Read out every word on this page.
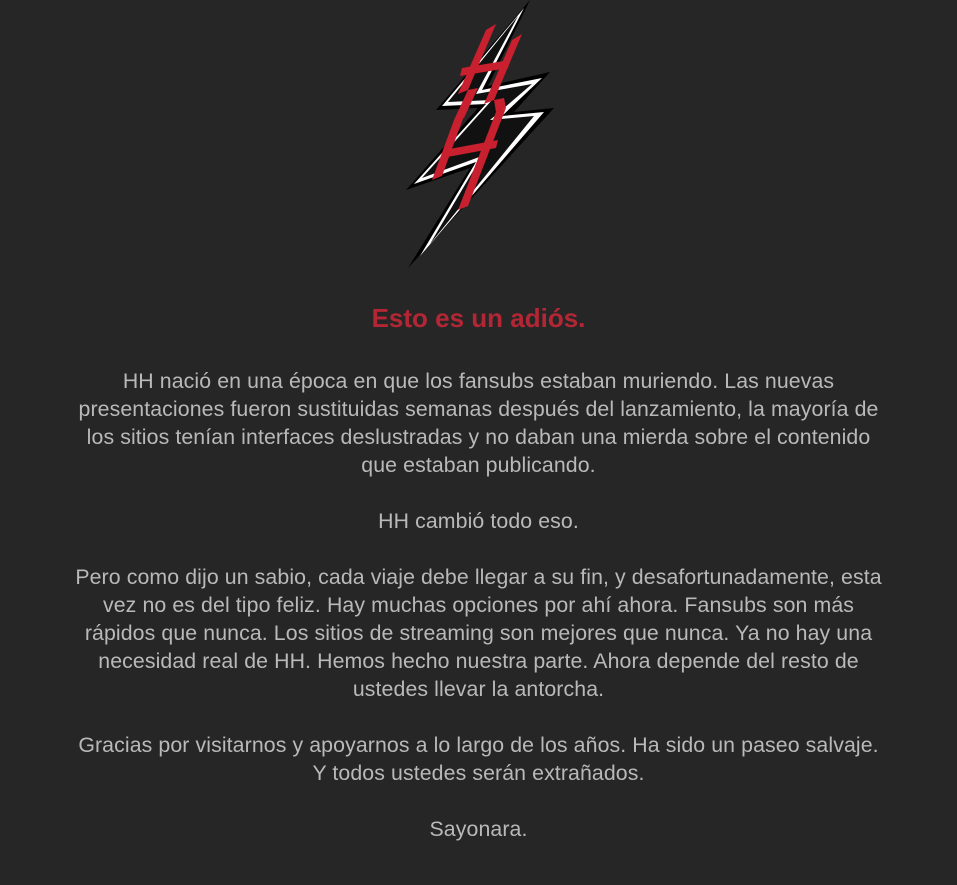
Esto es un adiós.

HH nació en una época en que los fansubs estaban muriendo. Las nuevas presentaciones fueron sustituidas semanas después del lanzamiento, la mayoría de los sitios tenían interfaces deslustradas y no daban una mierda sobre el contenido que estaban publicando.

HH cambió todo eso.

Pero como dijo un sabio, cada viaje debe llegar a su fin, y desafortunadamente, esta vez no es del tipo feliz. Hay muchas opciones por ahí ahora. Fansubs son más rápidos que nunca. Los sitios de streaming son mejores que nunca. Ya no hay una necesidad real de HH. Hemos hecho nuestra parte. Ahora depende del resto de ustedes llevar la antorcha.

Gracias por visitarnos y apoyarnos a lo largo de los años. Ha sido un paseo salvaje. Y todos ustedes serán extrañados.

Sayonara.
